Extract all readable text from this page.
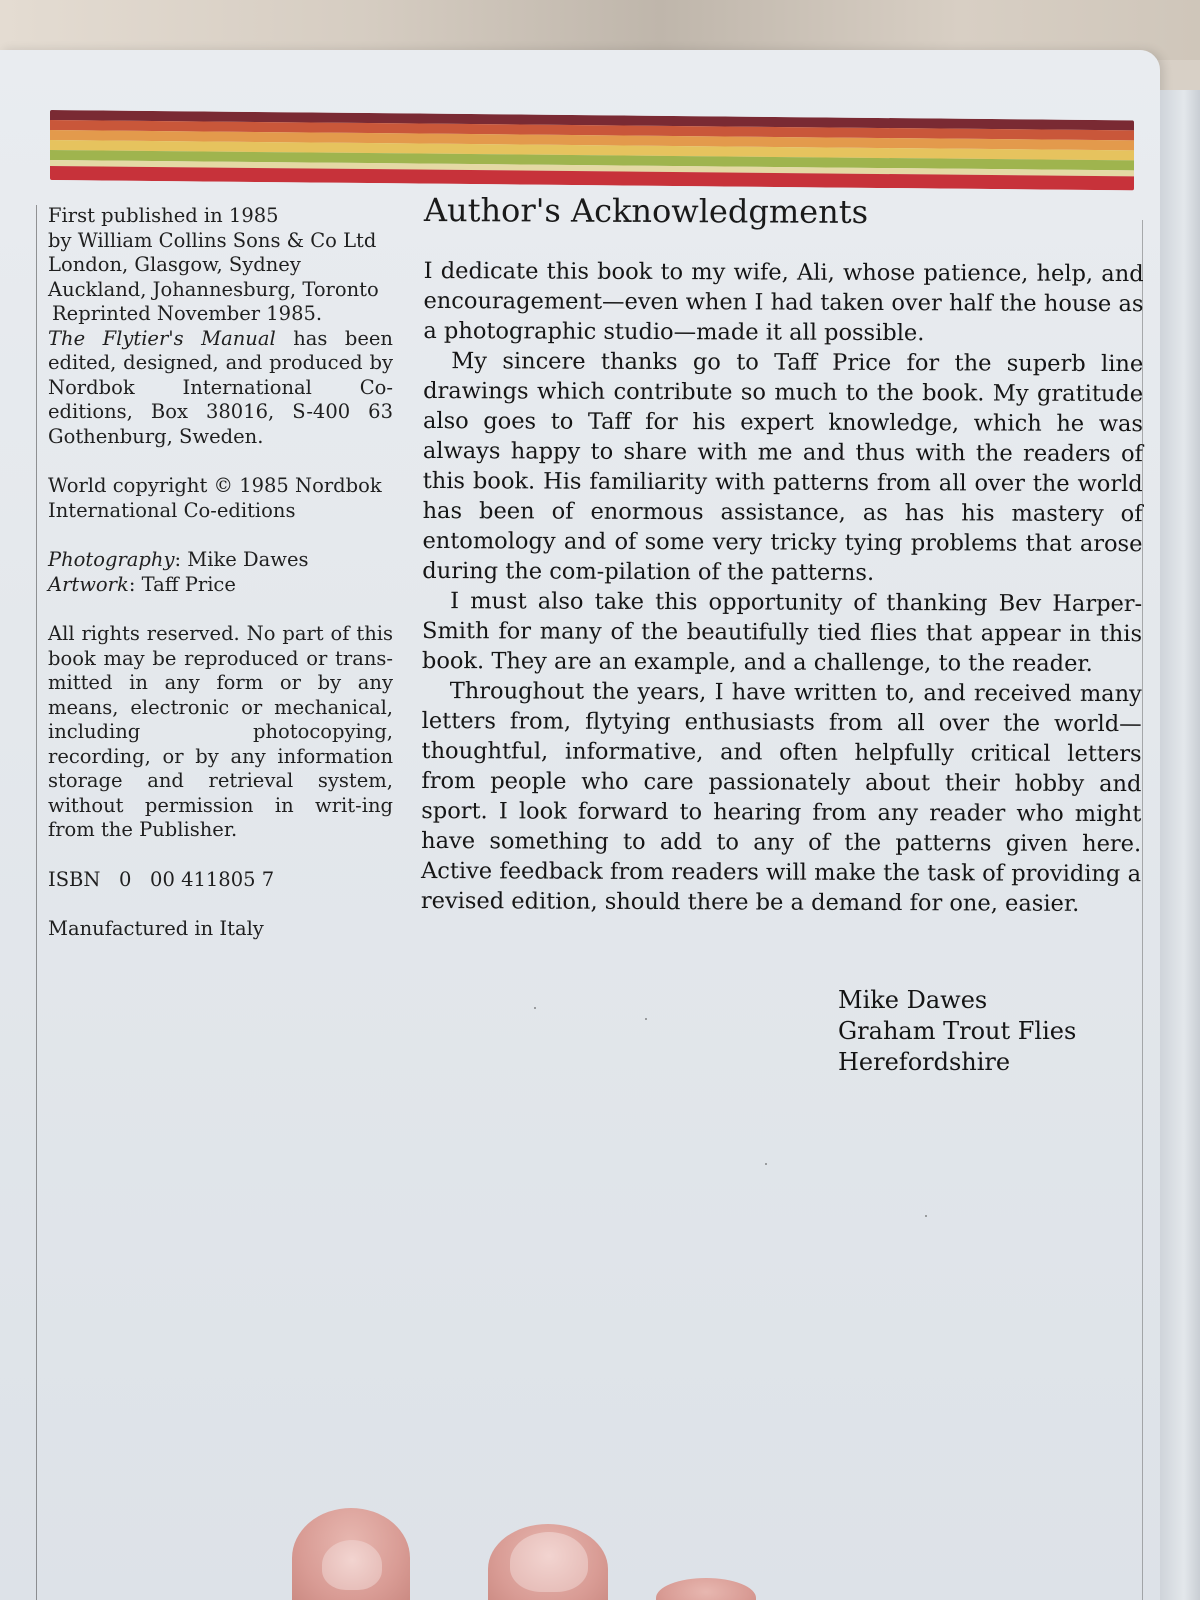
First published in 1985

by William Collins Sons & Co Ltd

London, Glasgow, Sydney

Auckland, Johannesburg, Toronto

Reprinted November 1985.

The Flytier's Manual has been edited, designed, and produced by Nordbok International Co-editions, Box 38016, S-400 63 Gothenburg, Sweden.

World copyright © 1985 Nordbok

International Co-editions

Photography: Mike Dawes

Artwork: Taff Price

All rights reserved. No part of this book may be reproduced or trans-mitted in any form or by any means, electronic or mechanical, including photocopying, recording, or by any information storage and retrieval system, without permission in writ-ing from the Publisher.

ISBN   0   00 411805 7

Manufactured in Italy

Author's Acknowledgments

I dedicate this book to my wife, Ali, whose patience, help, and encouragement—even when I had taken over half the house as a photographic studio—made it all possible.

My sincere thanks go to Taff Price for the superb line drawings which contribute so much to the book. My gratitude also goes to Taff for his expert knowledge, which he was always happy to share with me and thus with the readers of this book. His familiarity with patterns from all over the world has been of enormous assistance, as has his mastery of entomology and of some very tricky tying problems that arose during the com-pilation of the patterns.

I must also take this opportunity of thanking Bev Harper-Smith for many of the beautifully tied flies that appear in this book. They are an example, and a challenge, to the reader.

Throughout the years, I have written to, and received many letters from, flytying enthusiasts from all over the world—thoughtful, informative, and often helpfully critical letters from people who care passionately about their hobby and sport. I look forward to hearing from any reader who might have something to add to any of the patterns given here. Active feedback from readers will make the task of providing a revised edition, should there be a demand for one, easier.

Mike Dawes
Graham Trout Flies
Herefordshire
